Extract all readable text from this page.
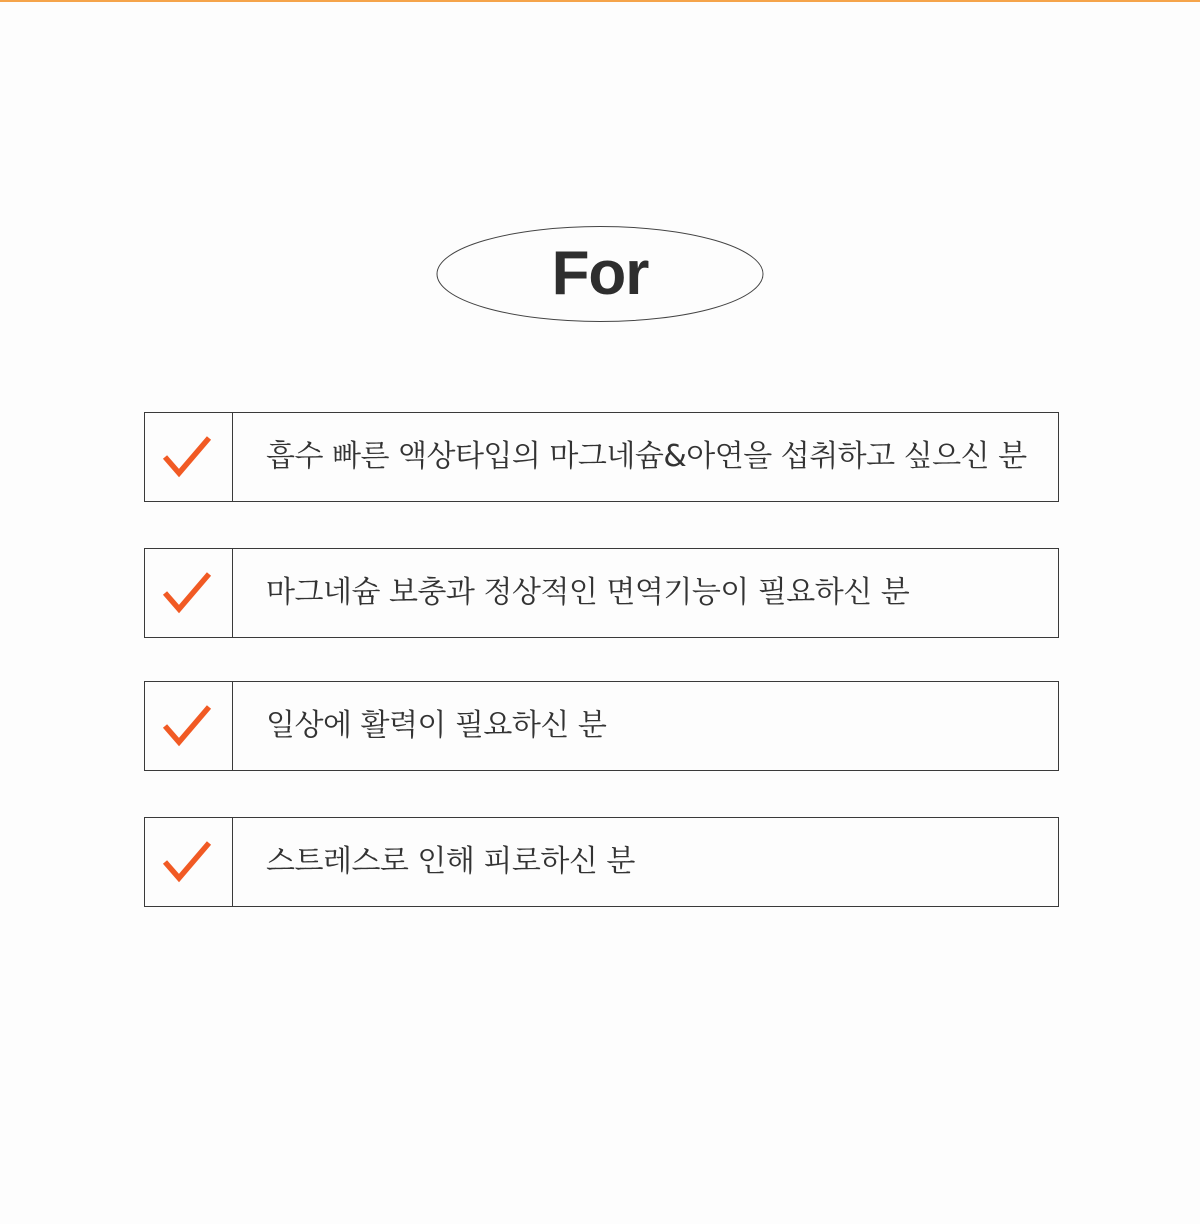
For
흡수 빠른 액상타입의 마그네슘&아연을 섭취하고 싶으신 분
마그네슘 보충과 정상적인 면역기능이 필요하신 분
일상에 활력이 필요하신 분
스트레스로 인해 피로하신 분
